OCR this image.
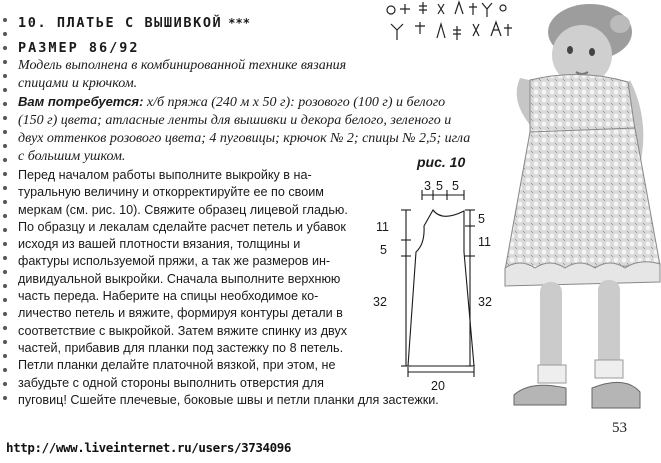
10. ПЛАТЬЕ С ВЫШИВКОЙ ***
РАЗМЕР 86/92

Модель выполнена в комбинированной технике вязания

спицами и крючком.

Вам потребуется: х/б пряжа (240 м х 50 г): розового (100 г) и белого

(150 г) цвета; атласные ленты для вышивки и декора белого, зеленого и

двух оттенков розового цвета; 4 пуговицы; крючок № 2; спицы № 2,5; игла

с большим ушком.

Перед началом работы выполните выкройку в на-
туральную величину и откорректируйте ее по своим
меркам (см. рис. 10). Свяжите образец лицевой гладью.
По образцу и лекалам сделайте расчет петель и убавок
исходя из вашей плотности вязания, толщины и
фактуры используемой пряжи, а так же размеров ин-
дивидуальной выкройки. Сначала выполните верхнюю
часть переда. Наберите на спицы необходимое ко-
личество петель и вяжите, формируя контуры детали в
соответствие с выкройкой. Затем вяжите спинку из двух
частей, прибавив для планки под застежку по 8 петель.
Петли планки делайте платочной вязкой, при этом, не
забудьте с одной стороны выполнить отверстия для
пуговиц! Сшейте плечевые, боковые швы и петли планки для застежки.
рис. 10
3 5 5
11
5
32
5
11
32
20
53
http://www.liveinternet.ru/users/3734096
